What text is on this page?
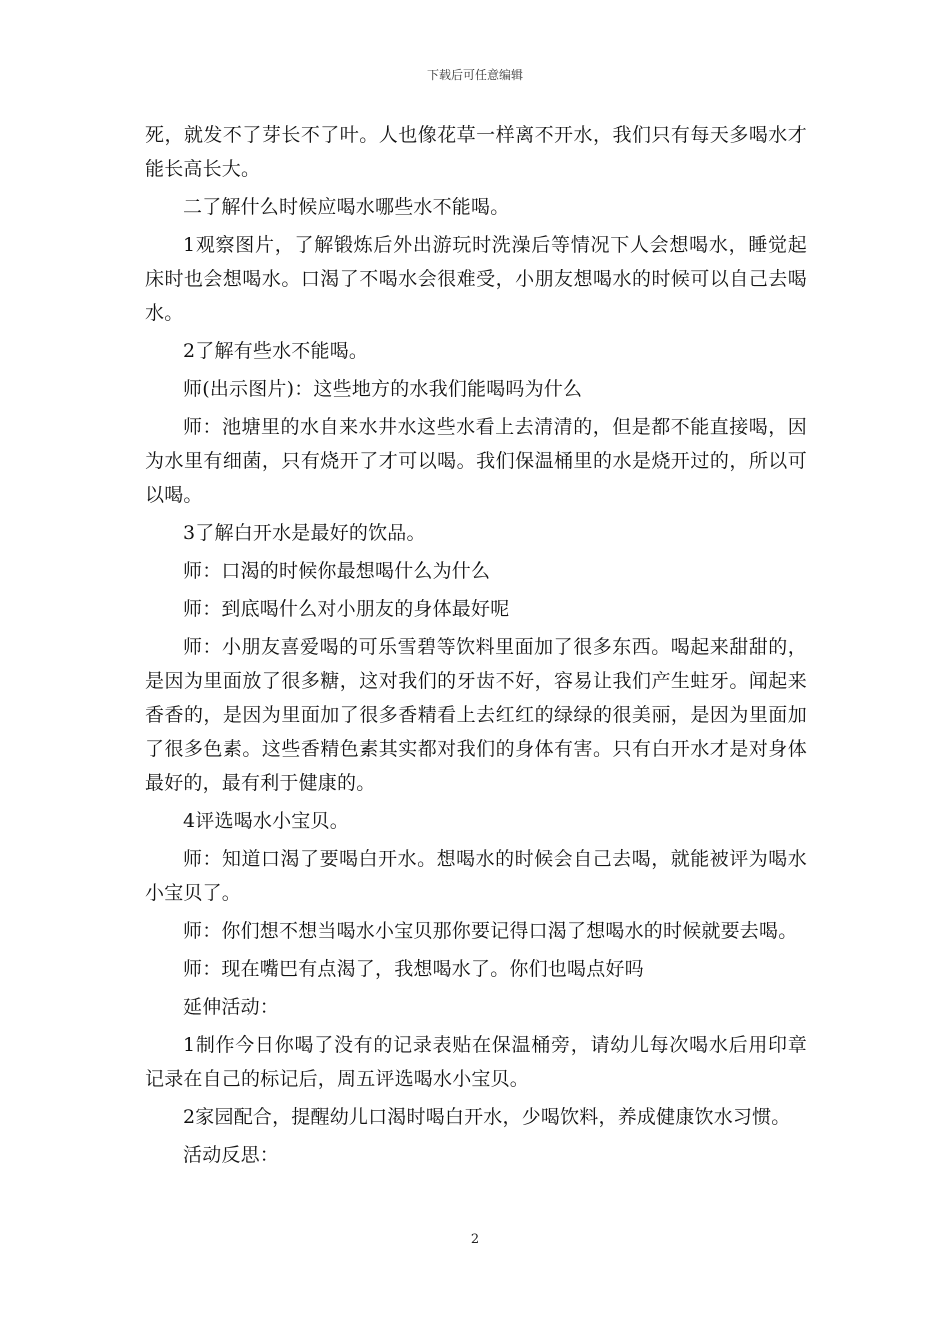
下载后可任意编辑

死，就发不了芽长不了叶。人也像花草一样离不开水，我们只有每天多喝水才能长高长大。

二了解什么时候应喝水哪些水不能喝。

1观察图片，了解锻炼后外出游玩时洗澡后等情况下人会想喝水，睡觉起床时也会想喝水。口渴了不喝水会很难受，小朋友想喝水的时候可以自己去喝水。

2了解有些水不能喝。

师(出示图片)：这些地方的水我们能喝吗为什么

师：池塘里的水自来水井水这些水看上去清清的，但是都不能直接喝，因为水里有细菌，只有烧开了才可以喝。我们保温桶里的水是烧开过的，所以可以喝。

3了解白开水是最好的饮品。

师：口渴的时候你最想喝什么为什么

师：到底喝什么对小朋友的身体最好呢

师：小朋友喜爱喝的可乐雪碧等饮料里面加了很多东西。喝起来甜甜的，是因为里面放了很多糖，这对我们的牙齿不好，容易让我们产生蛀牙。闻起来香香的，是因为里面加了很多香精看上去红红的绿绿的很美丽，是因为里面加了很多色素。这些香精色素其实都对我们的身体有害。只有白开水才是对身体最好的，最有利于健康的。

4评选喝水小宝贝。

师：知道口渴了要喝白开水。想喝水的时候会自己去喝，就能被评为喝水小宝贝了。

师：你们想不想当喝水小宝贝那你要记得口渴了想喝水的时候就要去喝。

师：现在嘴巴有点渴了，我想喝水了。你们也喝点好吗

延伸活动：

1制作今日你喝了没有的记录表贴在保温桶旁，请幼儿每次喝水后用印章记录在自己的标记后，周五评选喝水小宝贝。

2家园配合，提醒幼儿口渴时喝白开水，少喝饮料，养成健康饮水习惯。

活动反思：

2
